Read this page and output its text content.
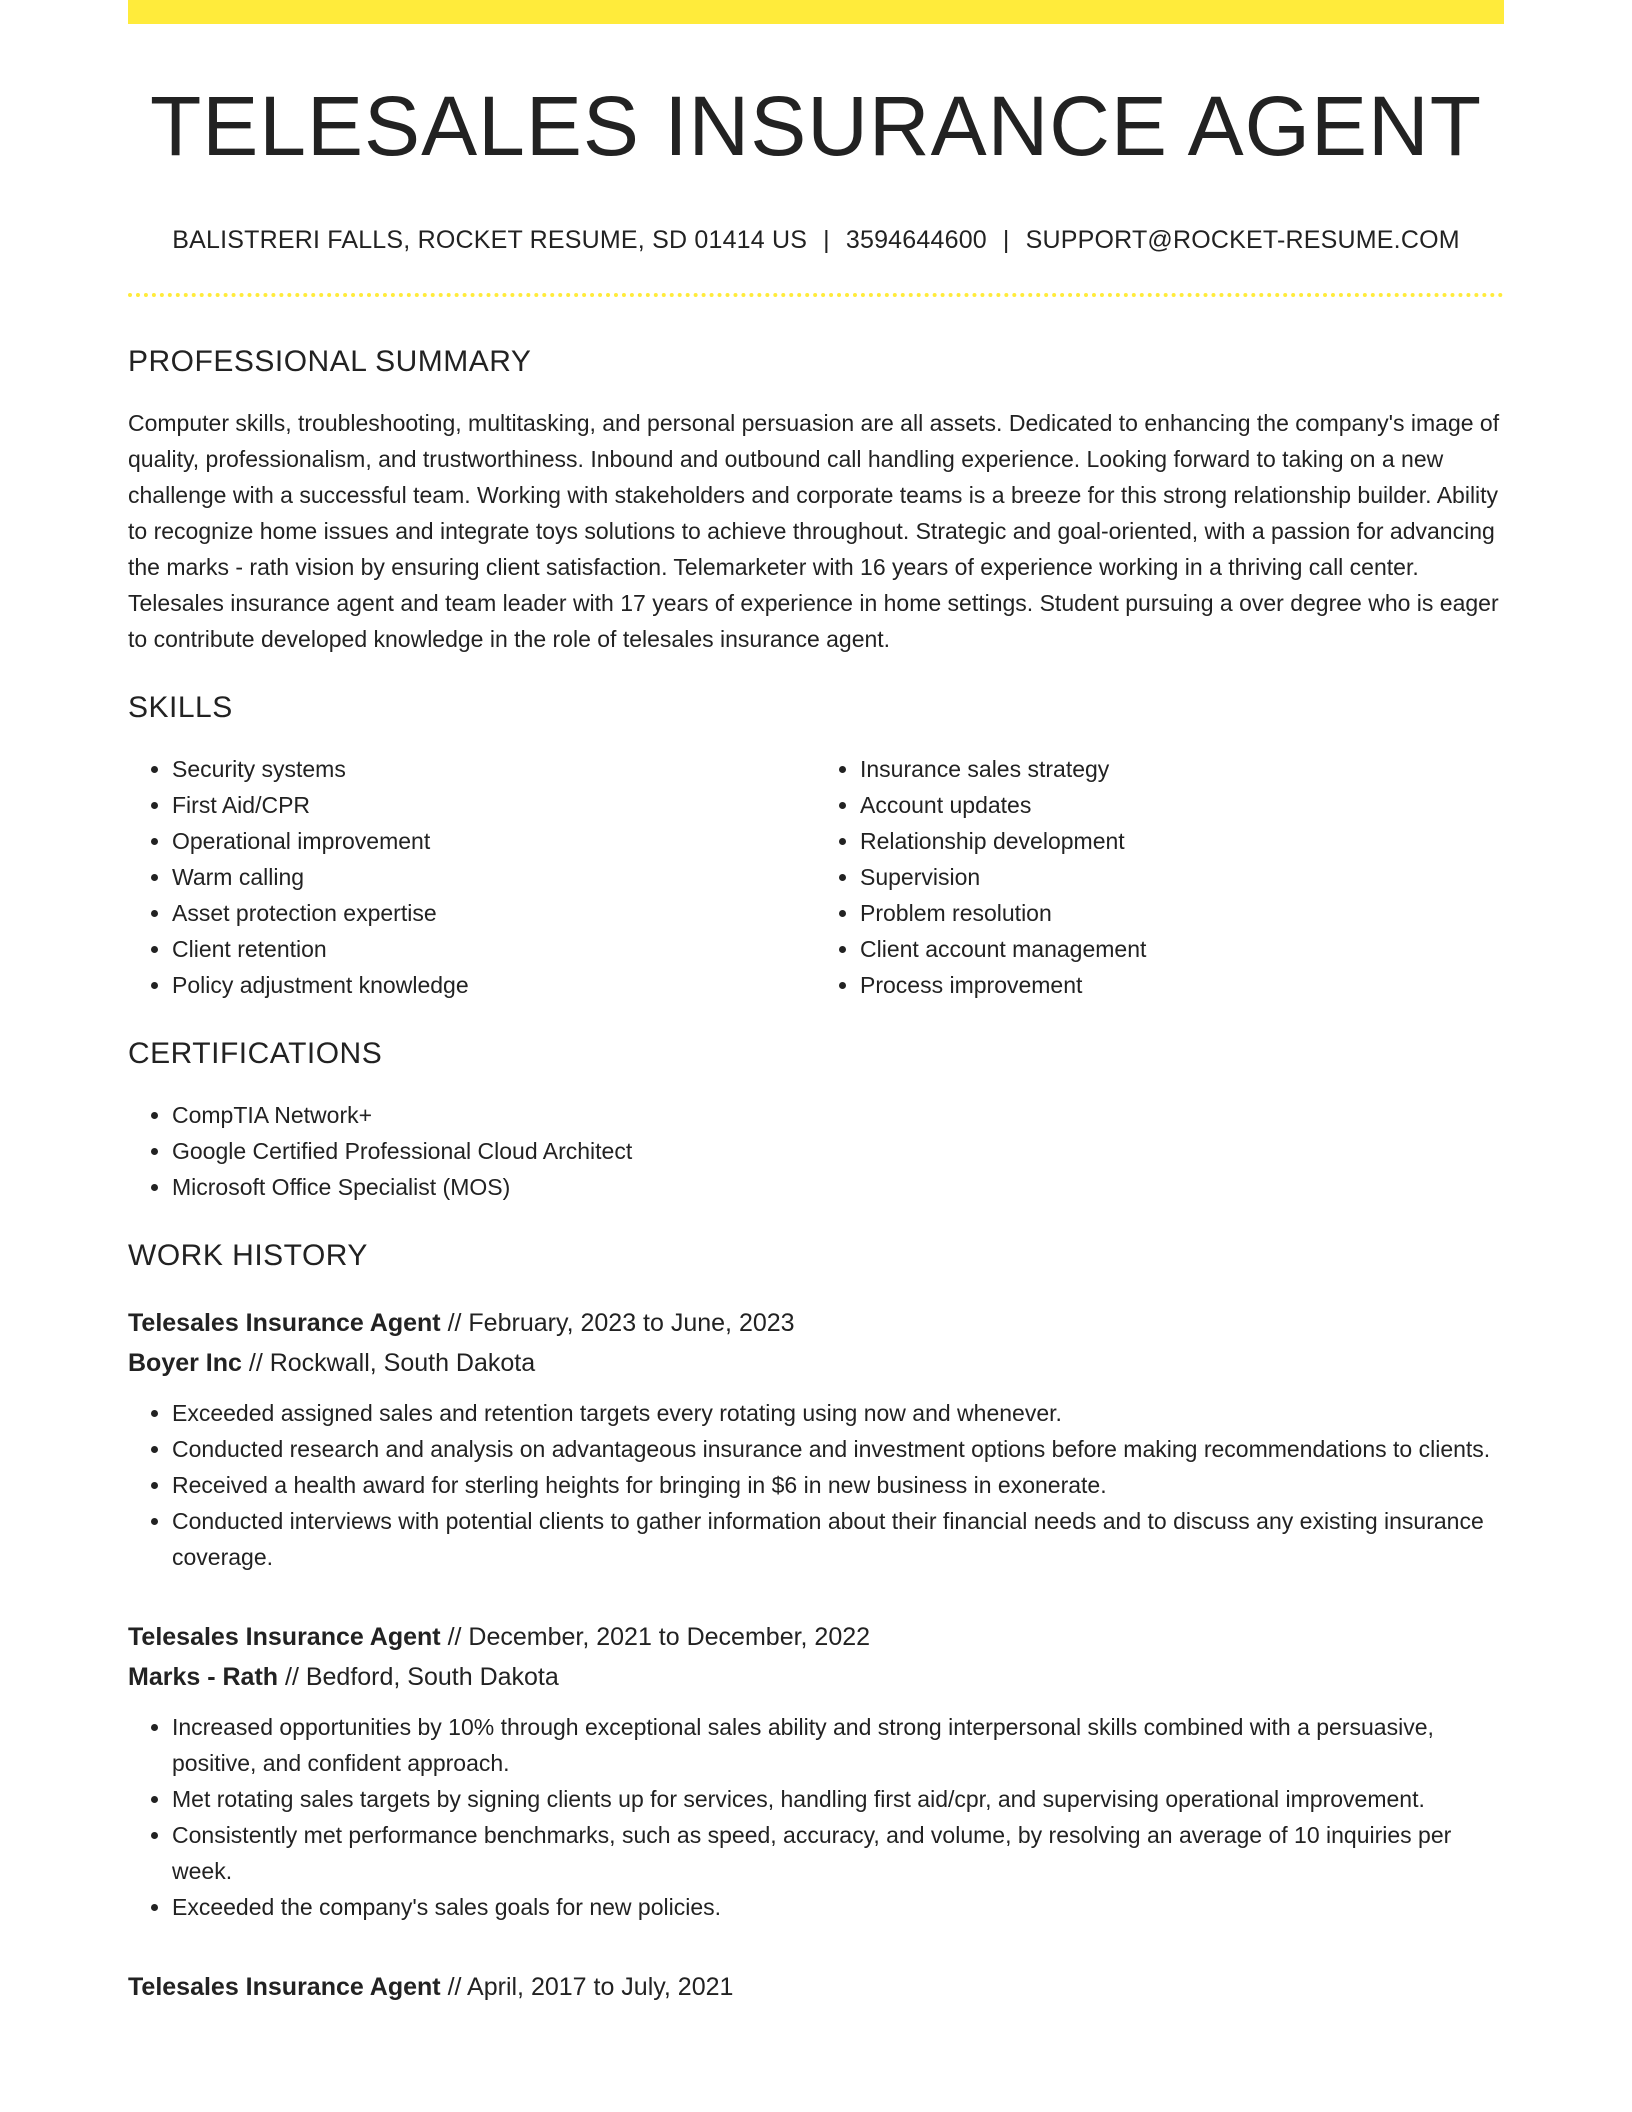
TELESALES INSURANCE AGENT
BALISTRERI FALLS, ROCKET RESUME, SD 01414 US | 3594644600 | SUPPORT@ROCKET-RESUME.COM
PROFESSIONAL SUMMARY

Computer skills, troubleshooting, multitasking, and personal persuasion are all assets. Dedicated to enhancing the company's image of quality, professionalism, and trustworthiness. Inbound and outbound call handling experience. Looking forward to taking on a new challenge with a successful team. Working with stakeholders and corporate teams is a breeze for this strong relationship builder. Ability to recognize home issues and integrate toys solutions to achieve throughout. Strategic and goal-oriented, with a passion for advancing the marks - rath vision by ensuring client satisfaction. Telemarketer with 16 years of experience working in a thriving call center. Telesales insurance agent and team leader with 17 years of experience in home settings. Student pursuing a over degree who is eager to contribute developed knowledge in the role of telesales insurance agent.

SKILLS
• Security systems
• First Aid/CPR
• Operational improvement
• Warm calling
• Asset protection expertise
• Client retention
• Policy adjustment knowledge
• Insurance sales strategy
• Account updates
• Relationship development
• Supervision
• Problem resolution
• Client account management
• Process improvement
CERTIFICATIONS
• CompTIA Network+
• Google Certified Professional Cloud Architect
• Microsoft Office Specialist (MOS)
WORK HISTORY
Telesales Insurance Agent // February, 2023 to June, 2023
Boyer Inc // Rockwall, South Dakota
• Exceeded assigned sales and retention targets every rotating using now and whenever.
• Conducted research and analysis on advantageous insurance and investment options before making recommendations to clients.
• Received a health award for sterling heights for bringing in $6 in new business in exonerate.
• Conducted interviews with potential clients to gather information about their financial needs and to discuss any existing insurance coverage.
Telesales Insurance Agent // December, 2021 to December, 2022
Marks - Rath // Bedford, South Dakota
• Increased opportunities by 10% through exceptional sales ability and strong interpersonal skills combined with a persuasive, positive, and confident approach.
• Met rotating sales targets by signing clients up for services, handling first aid/cpr, and supervising operational improvement.
• Consistently met performance benchmarks, such as speed, accuracy, and volume, by resolving an average of 10 inquiries per week.
• Exceeded the company's sales goals for new policies.
Telesales Insurance Agent // April, 2017 to July, 2021
